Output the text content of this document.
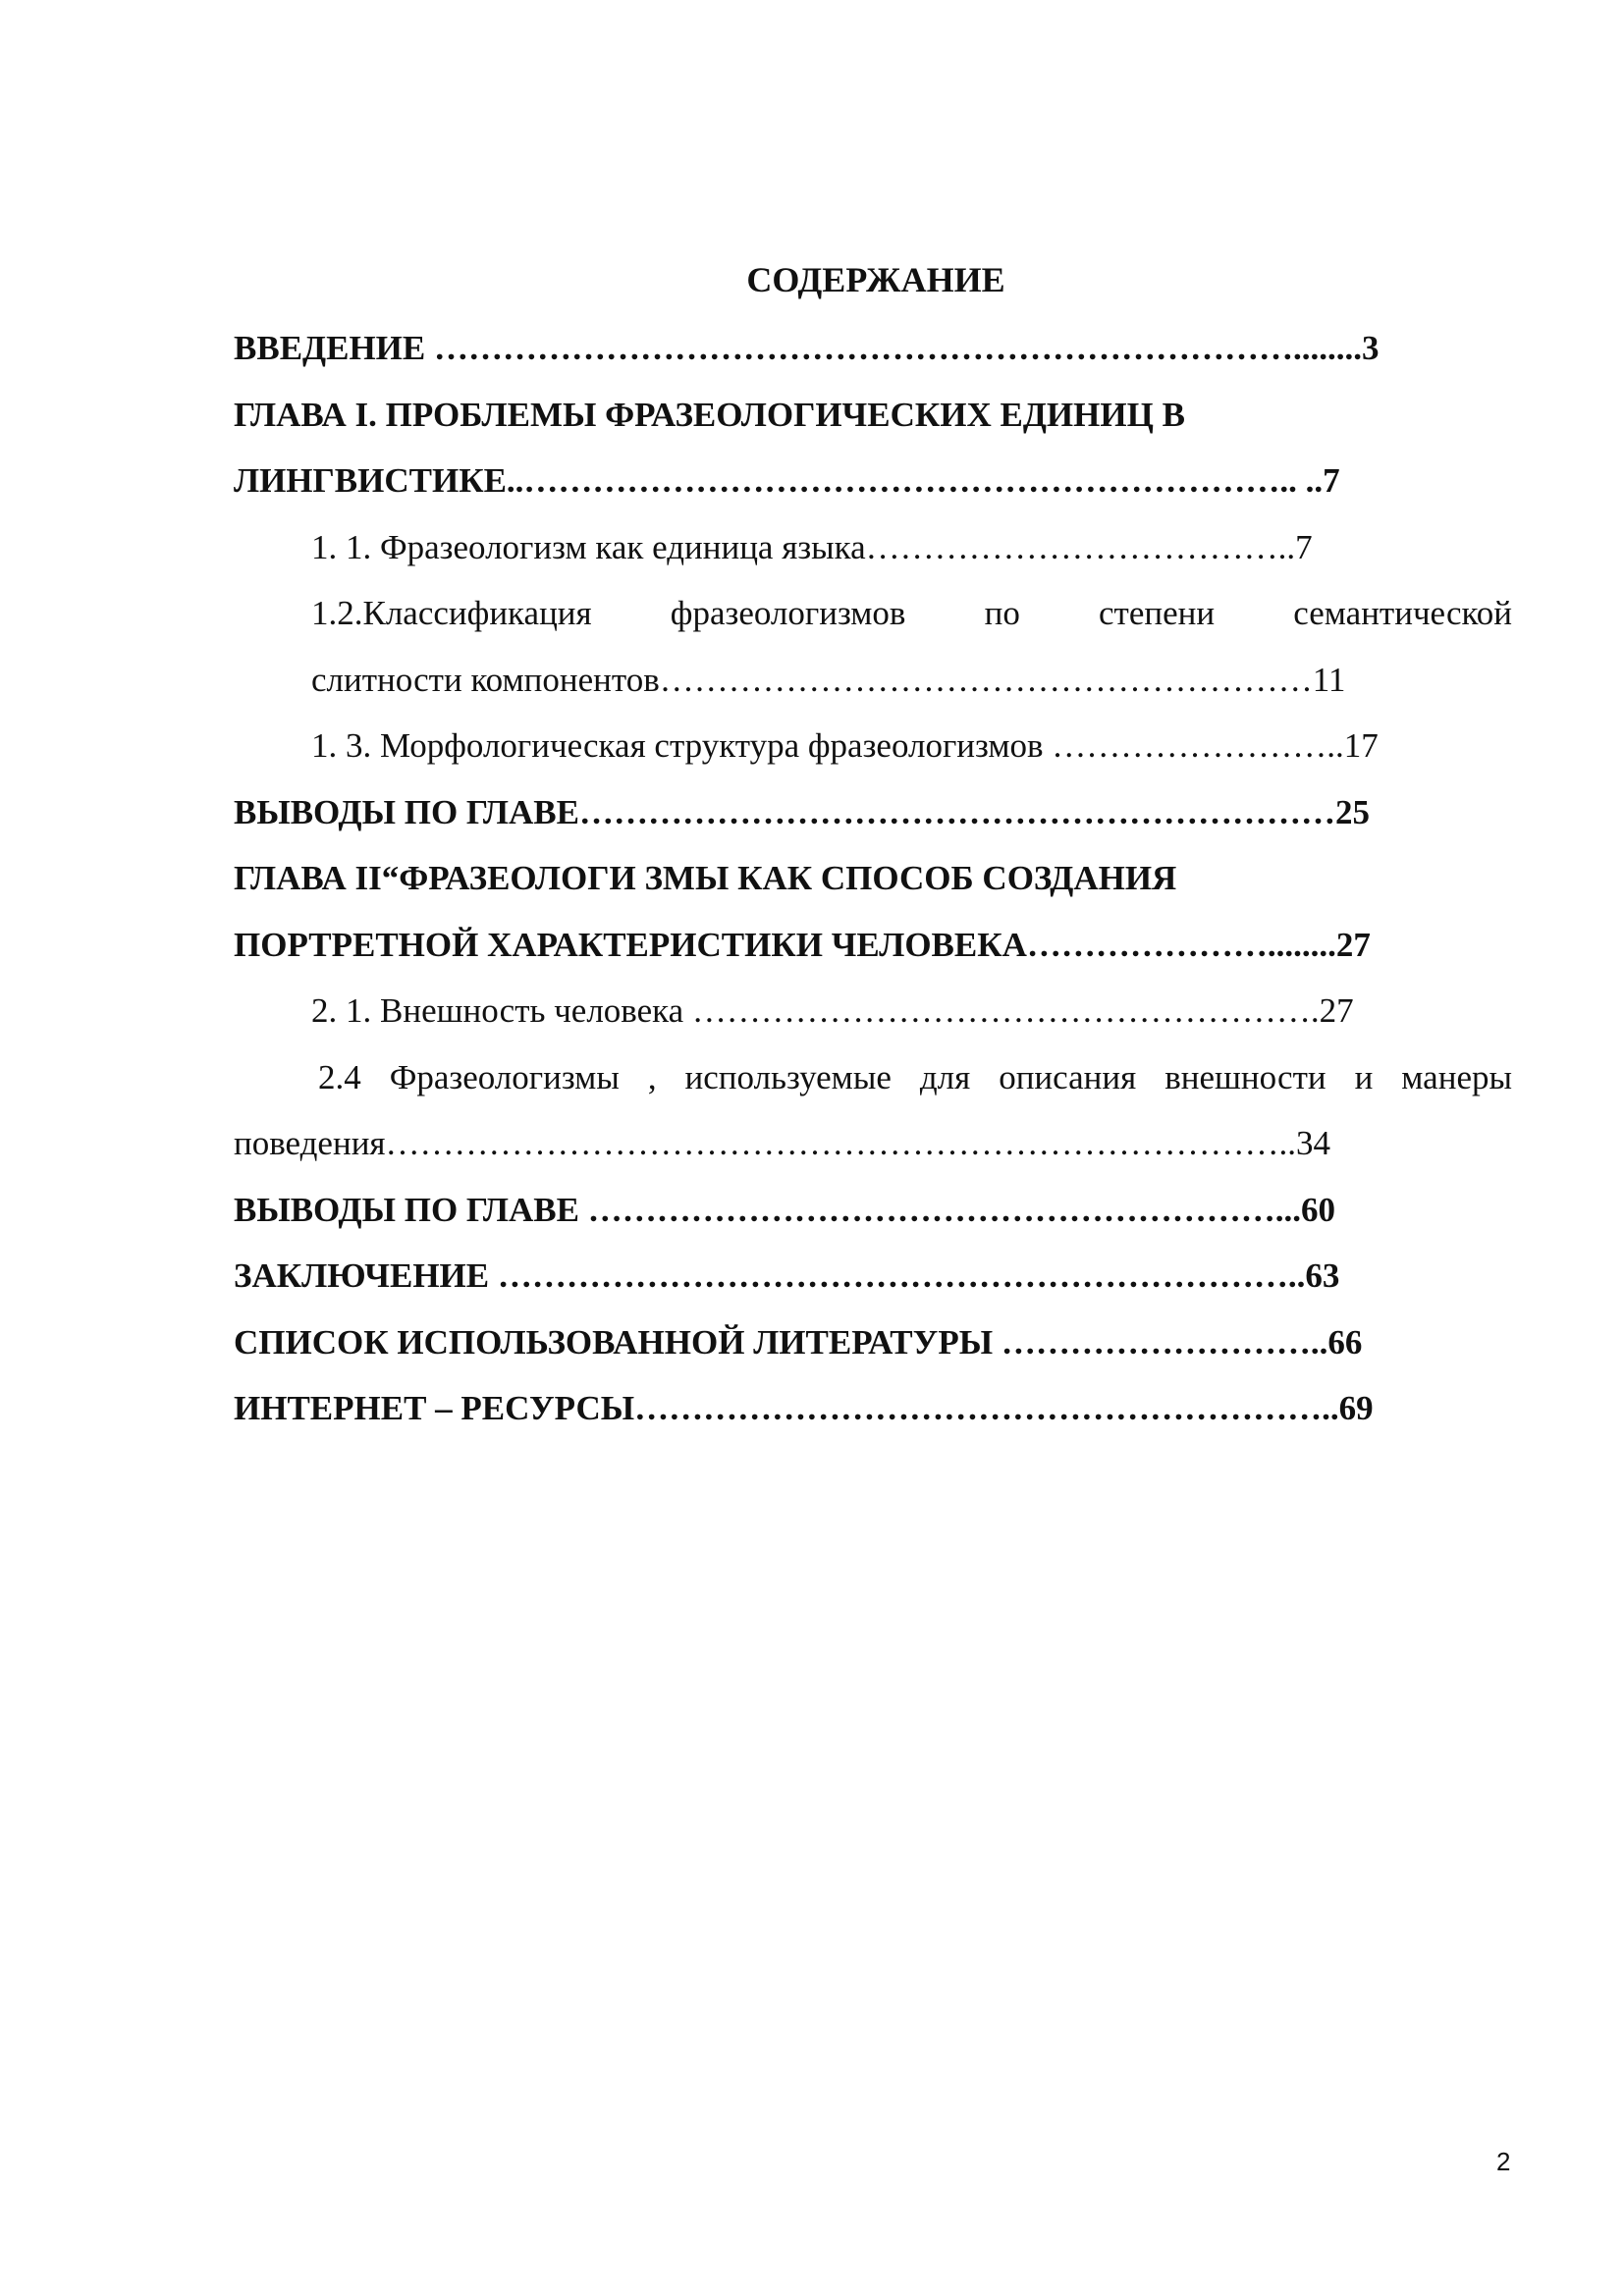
СОДЕРЖАНИЕ
ВВЕДЕНИЕ …………………………………………………………………........3
ГЛАВА I. ПРОБЛЕМЫ ФРАЗЕОЛОГИЧЕСКИХ ЕДИНИЦ В
ЛИНГВИСТИКЕ..………………………………………………………….. ..7
1. 1. Фразеологизм как единица языка………………………………..7
1.2.Классификация фразеологизмов по степени семантической
слитности компонентов…………………………………………………11
1. 3. Морфологическая структура фразеологизмов ……………………..17
ВЫВОДЫ ПО ГЛАВЕ…………………………………………………………25
ГЛАВА II“ФРАЗЕОЛОГИ ЗМЫ КАК СПОСОБ СОЗДАНИЯ
ПОРТРЕТНОЙ ХАРАКТЕРИСТИКИ ЧЕЛОВЕКА…………………........27
2. 1. Внешность человека ……………………………………………….27
2.4 Фразеологизмы , используемые для описания внешности и манеры
поведения……………………………………………………………………..34
ВЫВОДЫ ПО ГЛАВЕ ……………………………………………………...60
ЗАКЛЮЧЕНИЕ ……………………………………………………………..63
СПИСОК ИСПОЛЬЗОВАННОЙ ЛИТЕРАТУРЫ ………………………..66
ИНТЕРНЕТ – РЕСУРСЫ……………………………………………………..69
2
